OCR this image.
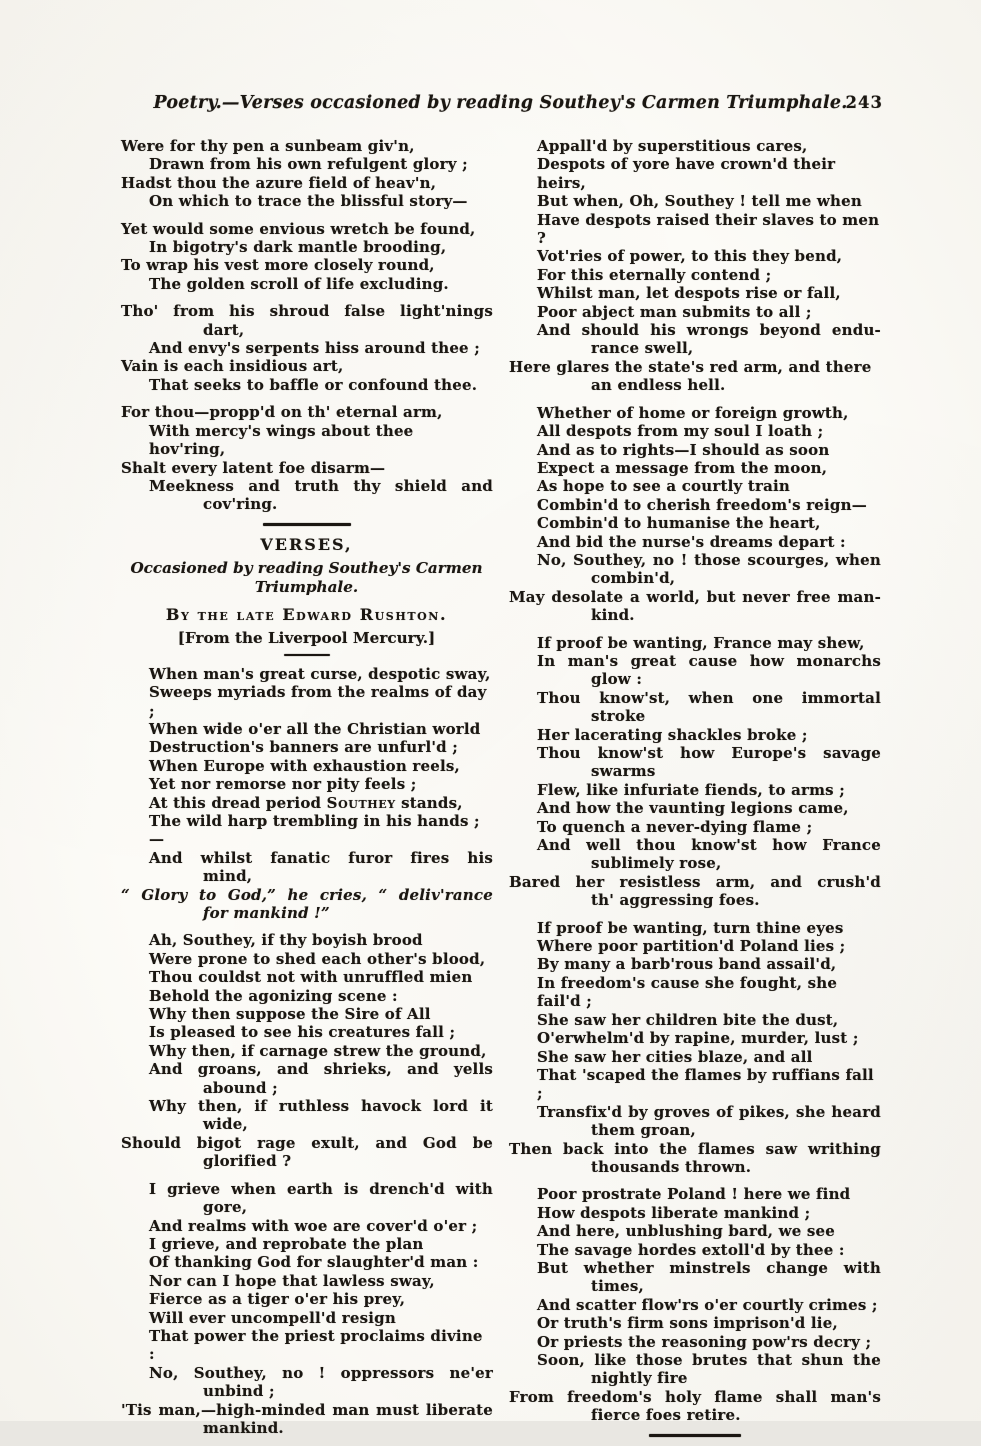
Poetry.—Verses occasioned by reading Southey's Carmen Triumphale.
243
Were for thy pen a sunbeam giv'n,
Drawn from his own refulgent glory ;
Hadst thou the azure field of heav'n,
On which to trace the blissful story—
Yet would some envious wretch be found,
In bigotry's dark mantle brooding,
To wrap his vest more closely round,
The golden scroll of life excluding.
Tho' from his shroud false light'nings
dart,
And envy's serpents hiss around thee ;
Vain is each insidious art,
That seeks to baffle or confound thee.
For thou—propp'd on th' eternal arm,
With mercy's wings about thee hov'ring,
Shalt every latent foe disarm—
Meekness and truth thy shield and
cov'ring.
VERSES,
Occasioned by reading Southey's Carmen
Triumphale.
By the late Edward Rushton.
[From the Liverpool Mercury.]
When man's great curse, despotic sway,
Sweeps myriads from the realms of day ;
When wide o'er all the Christian world
Destruction's banners are unfurl'd ;
When Europe with exhaustion reels,
Yet nor remorse nor pity feels ;
At this dread period Southey stands,
The wild harp trembling in his hands ;—
And whilst fanatic furor fires his
mind,
“ Glory to God,” he cries, “ deliv'rance
for mankind !”
Ah, Southey, if thy boyish brood
Were prone to shed each other's blood,
Thou couldst not with unruffled mien
Behold the agonizing scene :
Why then suppose the Sire of All
Is pleased to see his creatures fall ;
Why then, if carnage strew the ground,
And groans, and shrieks, and yells
abound ;
Why then, if ruthless havock lord it
wide,
Should bigot rage exult, and God be
glorified ?
I grieve when earth is drench'd with
gore,
And realms with woe are cover'd o'er ;
I grieve, and reprobate the plan
Of thanking God for slaughter'd man :
Nor can I hope that lawless sway,
Fierce as a tiger o'er his prey,
Will ever uncompell'd resign
That power the priest proclaims divine :
No, Southey, no ! oppressors ne'er
unbind ;
'Tis man,—high-minded man must liberate
mankind.
Appall'd by superstitious cares,
Despots of yore have crown'd their heirs,
But when, Oh, Southey ! tell me when
Have despots raised their slaves to men ?
Vot'ries of power, to this they bend,
For this eternally contend ;
Whilst man, let despots rise or fall,
Poor abject man submits to all ;
And should his wrongs beyond endu-
rance swell,
Here glares the state's red arm, and there
an endless hell.
Whether of home or foreign growth,
All despots from my soul I loath ;
And as to rights—I should as soon
Expect a message from the moon,
As hope to see a courtly train
Combin'd to cherish freedom's reign—
Combin'd to humanise the heart,
And bid the nurse's dreams depart :
No, Southey, no ! those scourges, when
combin'd,
May desolate a world, but never free man-
kind.
If proof be wanting, France may shew,
In man's great cause how monarchs
glow :
Thou know'st, when one immortal
stroke
Her lacerating shackles broke ;
Thou know'st how Europe's savage
swarms
Flew, like infuriate fiends, to arms ;
And how the vaunting legions came,
To quench a never-dying flame ;
And well thou know'st how France
sublimely rose,
Bared her resistless arm, and crush'd
th' aggressing foes.
If proof be wanting, turn thine eyes
Where poor partition'd Poland lies ;
By many a barb'rous band assail'd,
In freedom's cause she fought, she fail'd ;
She saw her children bite the dust,
O'erwhelm'd by rapine, murder, lust ;
She saw her cities blaze, and all
That 'scaped the flames by ruffians fall ;
Transfix'd by groves of pikes, she heard
them groan,
Then back into the flames saw writhing
thousands thrown.
Poor prostrate Poland ! here we find
How despots liberate mankind ;
And here, unblushing bard, we see
The savage hordes extoll'd by thee :
But whether minstrels change with
times,
And scatter flow'rs o'er courtly crimes ;
Or truth's firm sons imprison'd lie,
Or priests the reasoning pow'rs decry ;
Soon, like those brutes that shun the
nightly fire
From freedom's holy flame shall man's
fierce foes retire.
